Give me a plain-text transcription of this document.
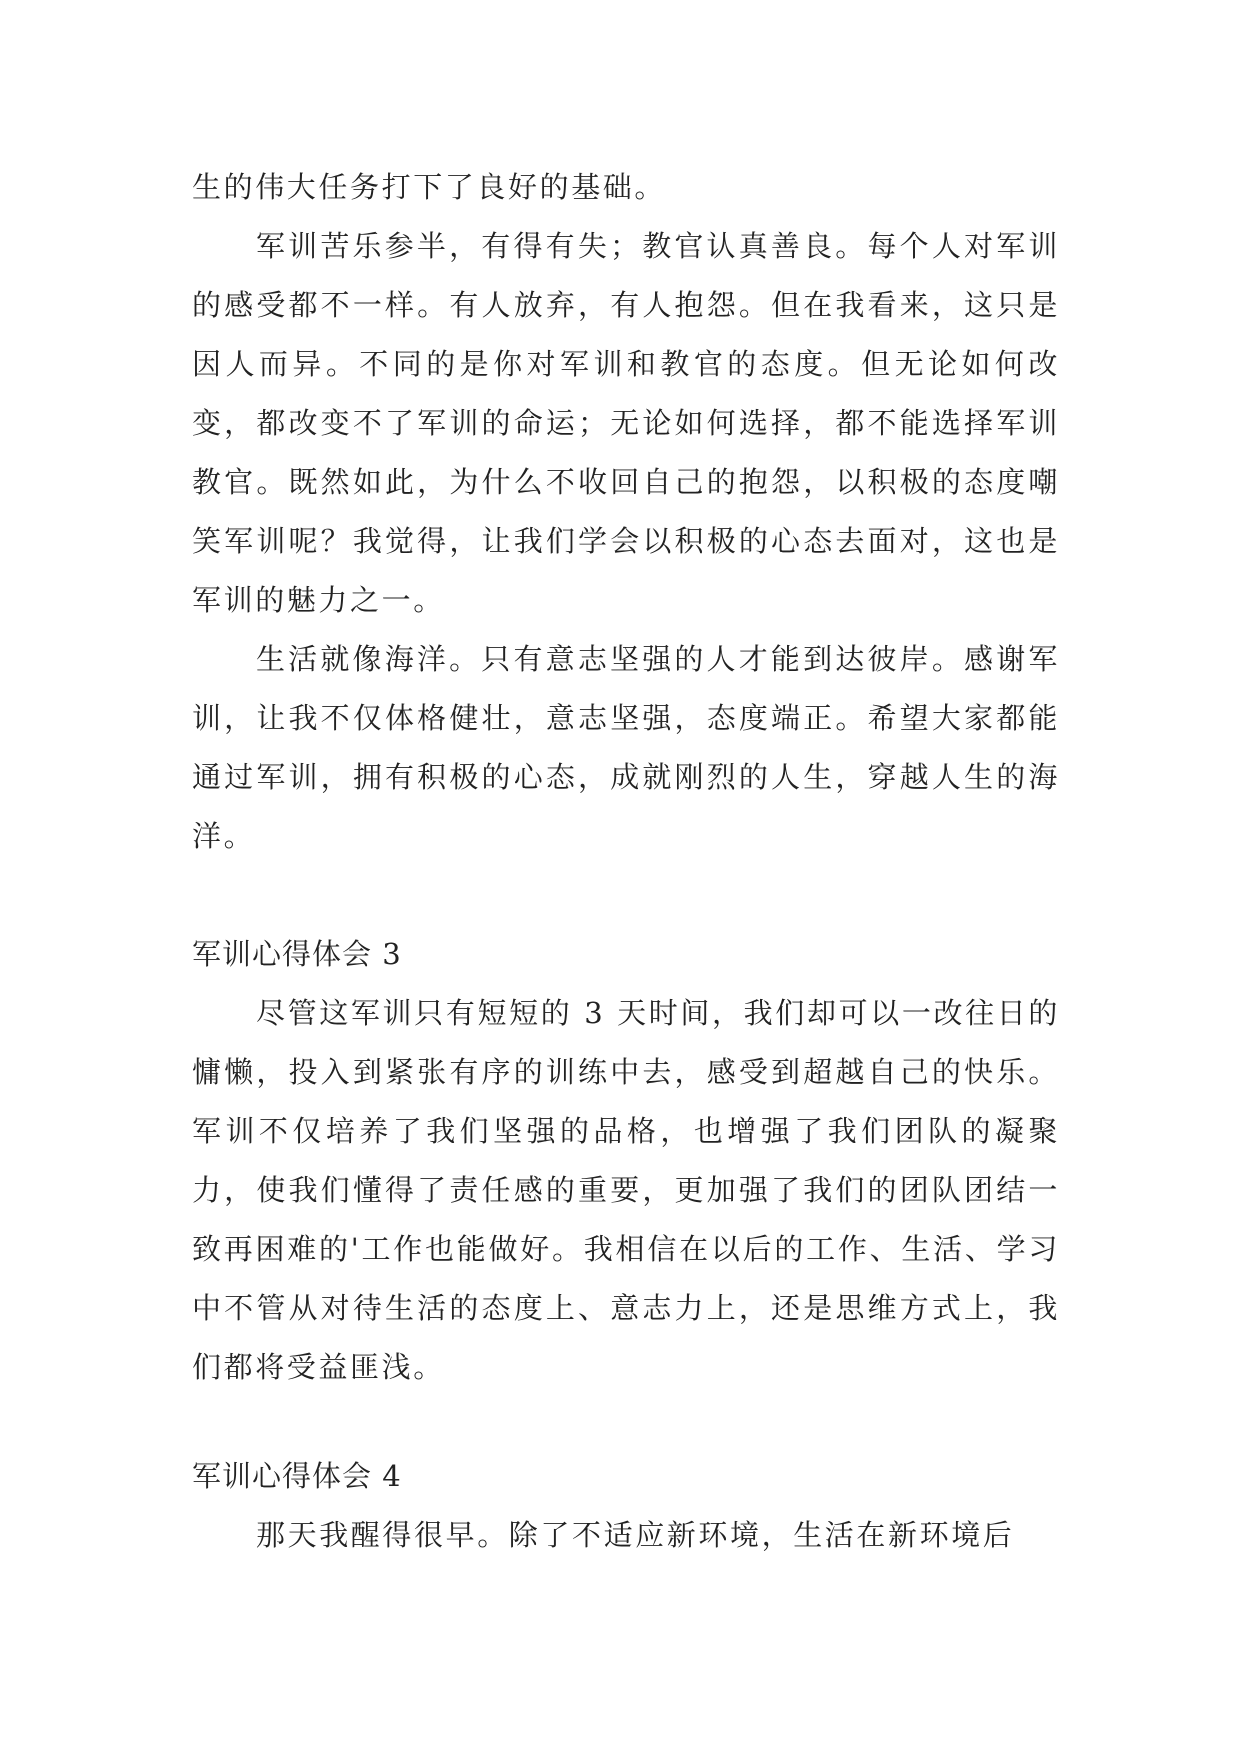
生的伟大任务打下了良好的基础。

军训苦乐参半，有得有失；教官认真善良。每个人对军训的感受都不一样。有人放弃，有人抱怨。但在我看来，这只是因人而异。不同的是你对军训和教官的态度。但无论如何改变，都改变不了军训的命运；无论如何选择，都不能选择军训教官。既然如此，为什么不收回自己的抱怨，以积极的态度嘲笑军训呢？我觉得，让我们学会以积极的心态去面对，这也是军训的魅力之一。

生活就像海洋。只有意志坚强的人才能到达彼岸。感谢军训，让我不仅体格健壮，意志坚强，态度端正。希望大家都能通过军训，拥有积极的心态，成就刚烈的人生，穿越人生的海洋。

军训心得体会 3

尽管这军训只有短短的 3 天时间，我们却可以一改往日的慵懒，投入到紧张有序的训练中去，感受到超越自己的快乐。军训不仅培养了我们坚强的品格，也增强了我们团队的凝聚力，使我们懂得了责任感的重要，更加强了我们的团队团结一致再困难的'工作也能做好。我相信在以后的工作、生活、学习中不管从对待生活的态度上、意志力上，还是思维方式上，我们都将受益匪浅。

军训心得体会 4

那天我醒得很早。除了不适应新环境，生活在新环境后
